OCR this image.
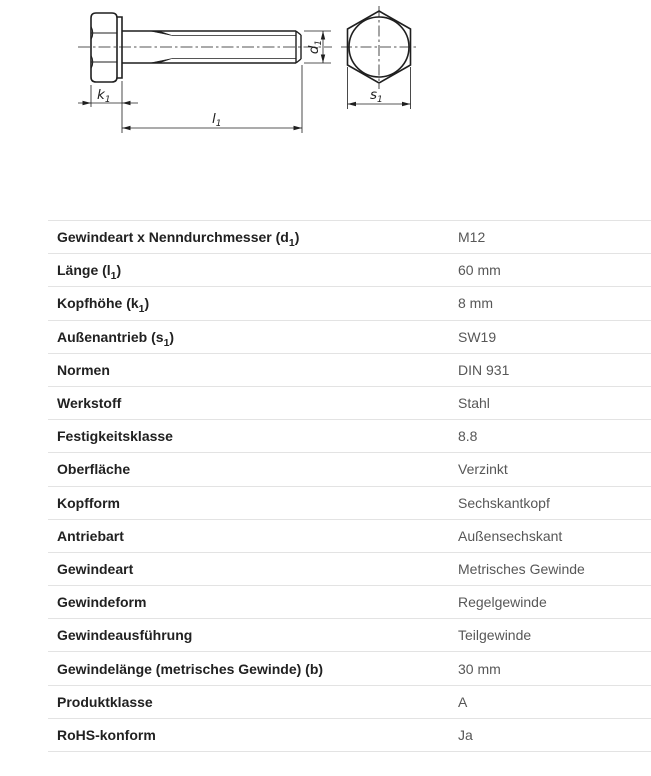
$k_1$
$l_1$
$d_1$
$s_1$
Gewindeart x Nenndurchmesser $(d_1)$	M12
Länge $(l_1)$	60 mm
Kopfhöhe $(k_1)$	8 mm
Außenantrieb $(s_1)$	SW19
Normen	DIN 931
Werkstoff	Stahl
Festigkeitsklasse	8.8
Oberfläche	Verzinkt
Kopfform	Sechskantkopf
Antriebart	Außensechskant
Gewindeart	Metrisches Gewinde
Gewindeform	Regelgewinde
Gewindeausführung	Teilgewinde
Gewindelänge (metrisches Gewinde) (b)	30 mm
Produktklasse	A
RoHS-konform	Ja
